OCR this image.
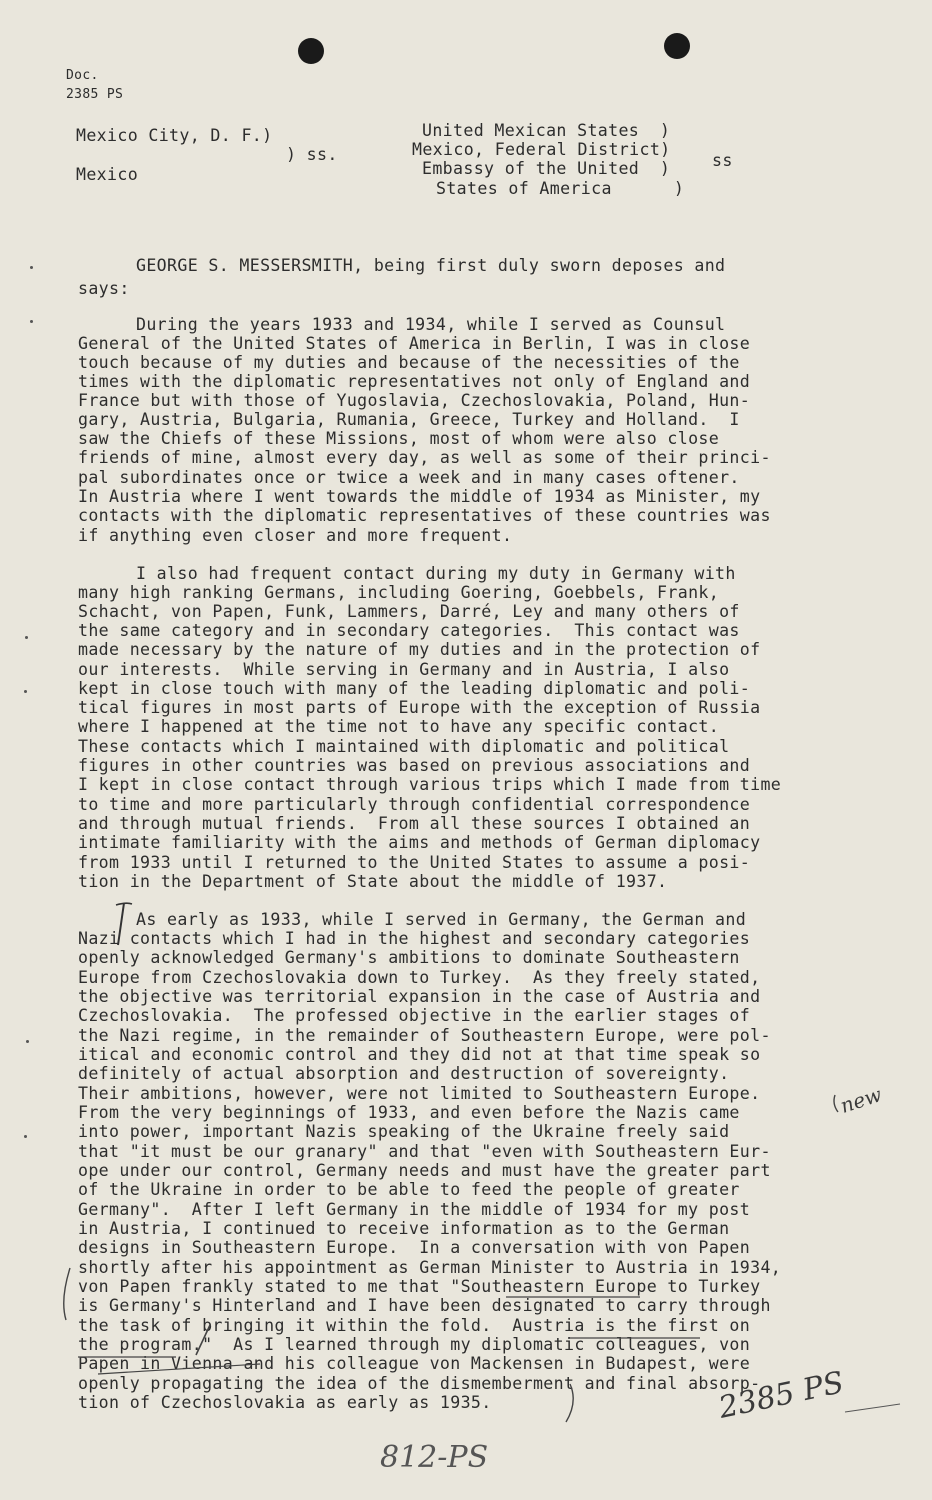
Doc.
2385 PS
Mexico City, D. F.)
) ss.
Mexico
United Mexican States  )
Mexico, Federal District)
Embassy of the United  )
States of America      )
ss
GEORGE S. MESSERSMITH, being first duly sworn deposes and
says:
During the years 1933 and 1934, while I served as Counsul
General of the United States of America in Berlin, I was in close
touch because of my duties and because of the necessities of the
times with the diplomatic representatives not only of England and
France but with those of Yugoslavia, Czechoslovakia, Poland, Hun-
gary, Austria, Bulgaria, Rumania, Greece, Turkey and Holland.  I
saw the Chiefs of these Missions, most of whom were also close
friends of mine, almost every day, as well as some of their princi-
pal subordinates once or twice a week and in many cases oftener.
In Austria where I went towards the middle of 1934 as Minister, my
contacts with the diplomatic representatives of these countries was
if anything even closer and more frequent.
I also had frequent contact during my duty in Germany with
many high ranking Germans, including Goering, Goebbels, Frank,
Schacht, von Papen, Funk, Lammers, Darré, Ley and many others of
the same category and in secondary categories.  This contact was
made necessary by the nature of my duties and in the protection of
our interests.  While serving in Germany and in Austria, I also
kept in close touch with many of the leading diplomatic and poli-
tical figures in most parts of Europe with the exception of Russia
where I happened at the time not to have any specific contact.
These contacts which I maintained with diplomatic and political
figures in other countries was based on previous associations and
I kept in close contact through various trips which I made from time
to time and more particularly through confidential correspondence
and through mutual friends.  From all these sources I obtained an
intimate familiarity with the aims and methods of German diplomacy
from 1933 until I returned to the United States to assume a posi-
tion in the Department of State about the middle of 1937.
As early as 1933, while I served in Germany, the German and
Nazi contacts which I had in the highest and secondary categories
openly acknowledged Germany's ambitions to dominate Southeastern
Europe from Czechoslovakia down to Turkey.  As they freely stated,
the objective was territorial expansion in the case of Austria and
Czechoslovakia.  The professed objective in the earlier stages of
the Nazi regime, in the remainder of Southeastern Europe, were pol-
itical and economic control and they did not at that time speak so
definitely of actual absorption and destruction of sovereignty.
Their ambitions, however, were not limited to Southeastern Europe.
From the very beginnings of 1933, and even before the Nazis came
into power, important Nazis speaking of the Ukraine freely said
that "it must be our granary" and that "even with Southeastern Eur-
ope under our control, Germany needs and must have the greater part
of the Ukraine in order to be able to feed the people of greater
Germany".  After I left Germany in the middle of 1934 for my post
in Austria, I continued to receive information as to the German
designs in Southeastern Europe.  In a conversation with von Papen
shortly after his appointment as German Minister to Austria in 1934,
von Papen frankly stated to me that "Southeastern Europe to Turkey
is Germany's Hinterland and I have been designated to carry through
the task of bringing it within the fold.  Austria is the first on
the program."  As I learned through my diplomatic colleagues, von
Papen in Vienna and his colleague von Mackensen in Budapest, were
openly propagating the idea of the dismemberment and final absorp-
tion of Czechoslovakia as early as 1935.
new
2385 PS
812-PS
